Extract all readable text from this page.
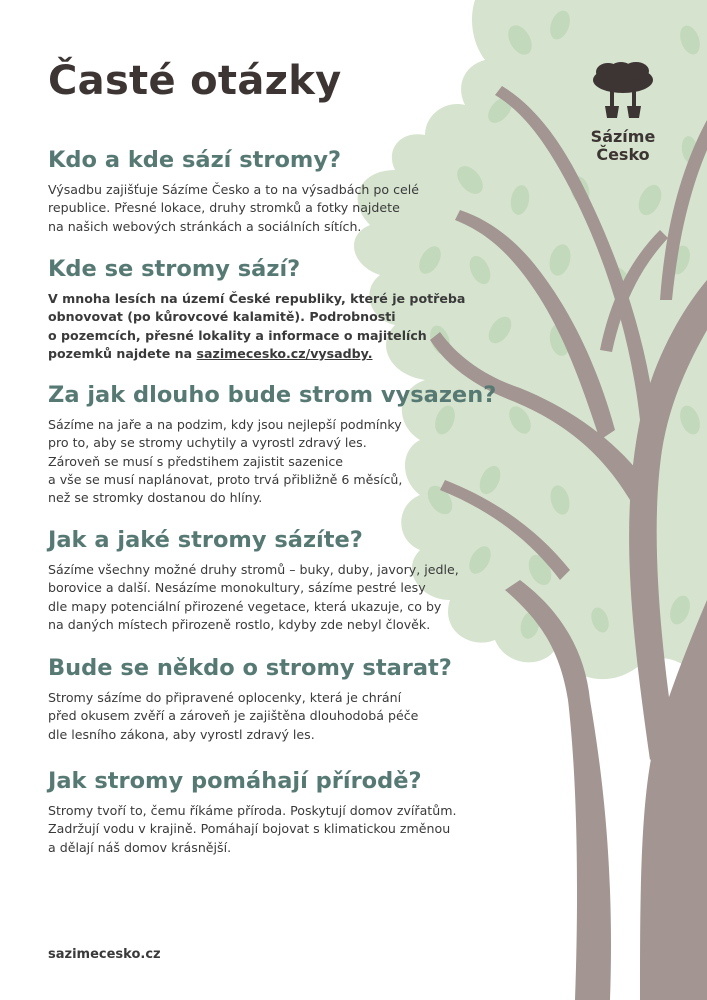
Sázíme
Česko
Časté otázky
Kdo a kde sází stromy?

Výsadbu zajišťuje Sázíme Česko a to na výsadbách po celé
republice. Přesné lokace, druhy stromků a fotky najdete
na našich webových stránkách a sociálních sítích.

Kde se stromy sází?

V mnoha lesích na území České republiky, které je potřeba
obnovovat (po kůrovcové kalamitě). Podrobnosti
o pozemcích, přesné lokality a informace o majitelích
pozemků najdete na sazimecesko.cz/vysadby.

Za jak dlouho bude strom vysazen?

Sázíme na jaře a na podzim, kdy jsou nejlepší podmínky
pro to, aby se stromy uchytily a vyrostl zdravý les.
Zároveň se musí s předstihem zajistit sazenice
a vše se musí naplánovat, proto trvá přibližně 6 měsíců,
než se stromky dostanou do hlíny.

Jak a jaké stromy sázíte?

Sázíme všechny možné druhy stromů – buky, duby, javory, jedle,
borovice a další. Nesázíme monokultury, sázíme pestré lesy
dle mapy potenciální přirozené vegetace, která ukazuje, co by
na daných místech přirozeně rostlo, kdyby zde nebyl člověk.

Bude se někdo o stromy starat?

Stromy sázíme do připravené oplocenky, která je chrání
před okusem zvěří a zároveň je zajištěna dlouhodobá péče
dle lesního zákona, aby vyrostl zdravý les.

Jak stromy pomáhají přírodě?

Stromy tvoří to, čemu říkáme příroda. Poskytují domov zvířatům.
Zadržují vodu v krajině. Pomáhají bojovat s klimatickou změnou
a dělají náš domov krásnější.

sazimecesko.cz
